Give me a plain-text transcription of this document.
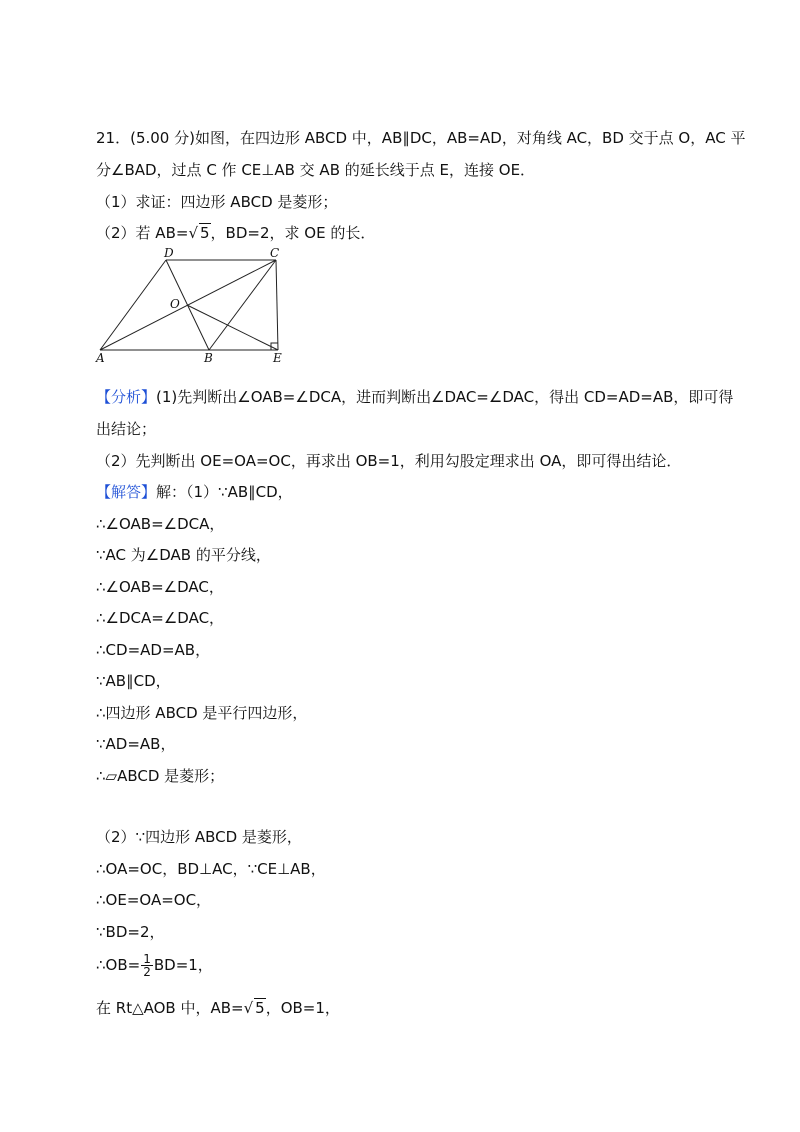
21．(5.00 分)如图，在四边形 ABCD 中，AB∥DC，AB=AD，对角线 AC，BD 交于点 O，AC 平
分∠BAD，过点 C 作 CE⊥AB 交 AB 的延长线于点 E，连接 OE．
（1）求证：四边形 ABCD 是菱形；
（2）若 AB=√ 5，BD=2，求 OE 的长．
D	C
O
A	B	E
【分析】(1)先判断出∠OAB=∠DCA，进而判断出∠DAC=∠DAC，得出 CD=AD=AB，即可得
出结论；
（2）先判断出 OE=OA=OC，再求出 OB=1，利用勾股定理求出 OA，即可得出结论．
【解答】解：（1）∵AB∥CD，
∴∠OAB=∠DCA，
∵AC 为∠DAB 的平分线，
∴∠OAB=∠DAC，
∴∠DCA=∠DAC，
∴CD=AD=AB，
∵AB∥CD，
∴四边形 ABCD 是平行四边形，
∵AD=AB，
∴▱ABCD 是菱形；
（2）∵四边形 ABCD 是菱形，
∴OA=OC，BD⊥AC，∵CE⊥AB，
∴OE=OA=OC，
∵BD=2，
∴OB= $\frac{1}{2} BD=1$，
在 Rt△AOB 中，AB=√ 5，OB=1，
